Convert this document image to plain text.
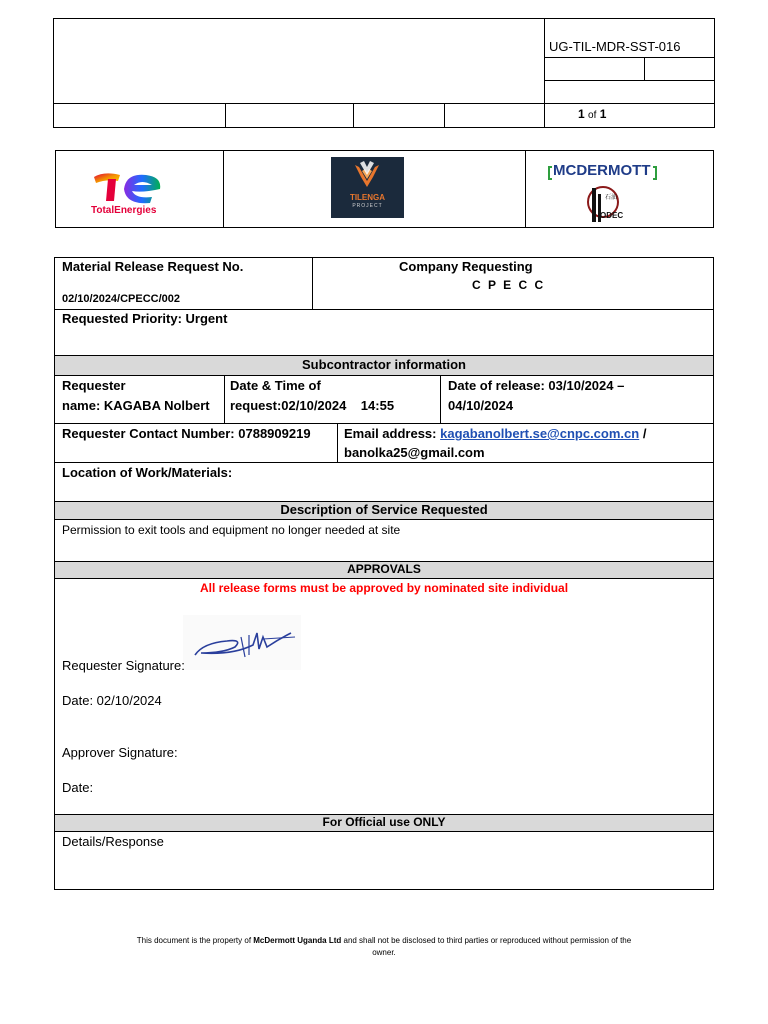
UG-TIL-MDR-SST-016
1 of 1
TotalEnergies
TILENGA
PROJECT
MCDERMOTT
石油
ODEC
Material Release Request No.
02/10/2024/CPECC/002
Company Requesting
C P E C C
Requested Priority: Urgent
Subcontractor information
Requester
name: KAGABA Nolbert
Date & Time of
request:02/10/2024    14:55
Date of release: 03/10/2024 –
04/10/2024
Requester Contact Number: 0788909219	Email address: kagabanolbert.se@cnpc.com.cn /
banolka25@gmail.com
Location of Work/Materials:
Description of Service Requested
Permission to exit tools and equipment no longer needed at site
APPROVALS
All release forms must be approved by nominated site individual
Requester Signature:
Date: 02/10/2024
Approver Signature:
Date:
For Official use ONLY
Details/Response
This document is the property of McDermott Uganda Ltd and shall not be disclosed to third parties or reproduced without permission of the
owner.
